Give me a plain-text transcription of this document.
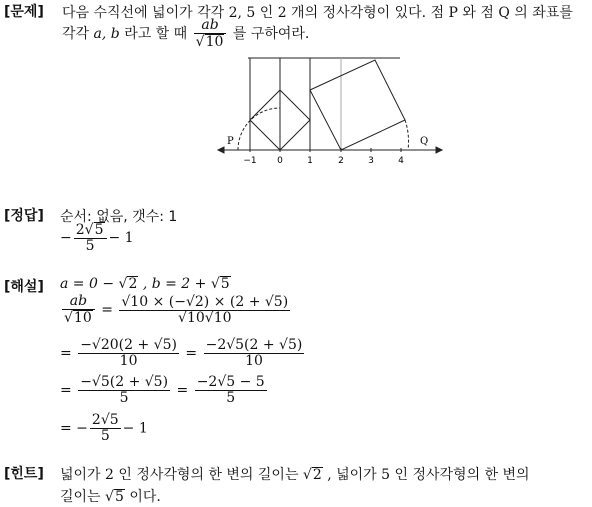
[문제] 다음 수직선에 넓이가 각각 2, 5 인 2 개의 정사각형이 있다. 점 P 와 점 Q 의 좌표를
각각 a, b 라고 할 때 $\frac{ab}{√10}$ 를 구하여라.
P	Q
−1 0	1	2	3	4
[정답] 순서: 없음, 갯수: 1
− $\frac{2√5}{5} - 1$
[해설] a = 0 − √2 , b = 2 + √5
$\frac{ab}{√10} = \frac{√10 \times (-√2) \times (2 + √5)}{√10√10}$
= $\frac{-√20(2 + √5)}{10} = \frac{-2√5(2 + √5)}{10}$
= $\frac{-√5(2 + √5)}{5} = \frac{-2√5 - 5}{5}$
= − $\frac{2√5}{5} - 1$
[힌트] 넓이가 2 인 정사각형의 한 변의 길이는 √2 , 넓이가 5 인 정사각형의 한 변의
길이는 √5 이다.
